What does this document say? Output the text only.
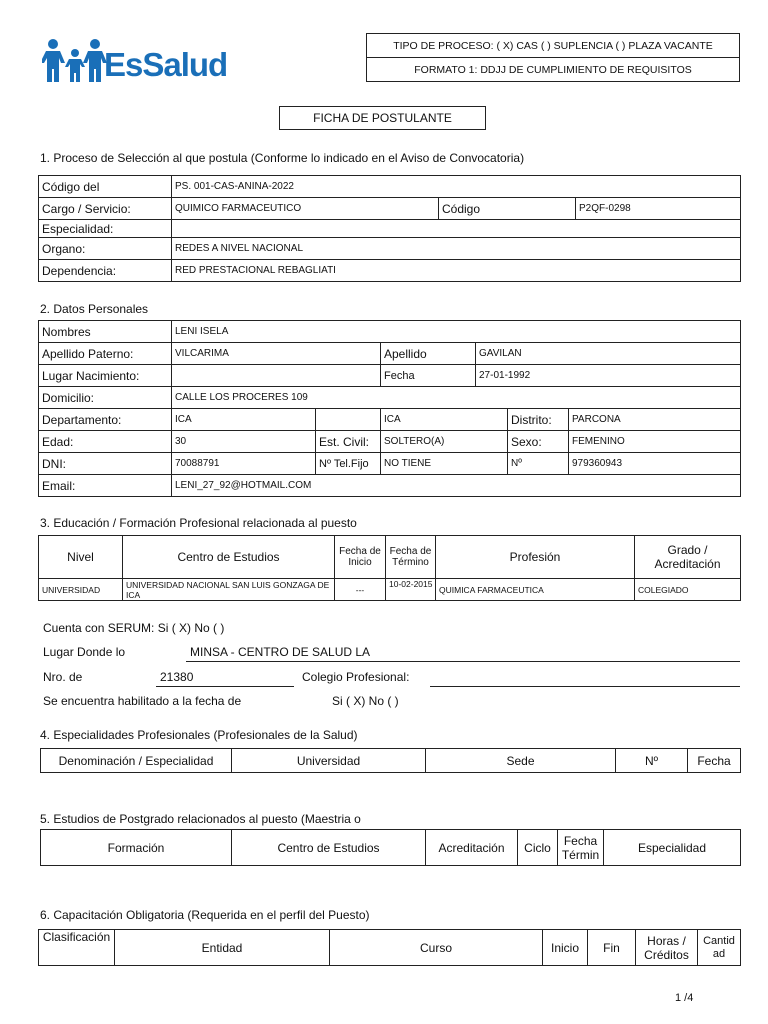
EsSalud
TIPO DE PROCESO: ( X) CAS ( ) SUPLENCIA ( ) PLAZA VACANTE
FORMATO 1: DDJJ DE CUMPLIMIENTO DE REQUISITOS
FICHA DE POSTULANTE
1. Proceso de Selección al que postula (Conforme lo indicado en el Aviso de Convocatoria)
Código del	PS. 001-CAS-ANINA-2022		
Cargo / Servicio:	QUIMICO FARMACEUTICO	Código	P2QF-0298
Especialidad:			
Organo:	REDES A NIVEL NACIONAL		
Dependencia:	RED PRESTACIONAL REBAGLIATI		
2. Datos Personales
Nombres	LENI ISELA					
Apellido Paterno:	VILCARIMA		Apellido	GAVILAN		
Lugar Nacimiento:			Fecha	27-01-1992		
Domicilio:	CALLE LOS PROCERES 109					
Departamento:	ICA		ICA		Distrito:	PARCONA
Edad:	30	Est. Civil:	SOLTERO(A)		Sexo:	FEMENINO
DNI:	70088791	Nº Tel.Fijo	NO TIENE		Nº	979360943
Email:	LENI_27_92@HOTMAIL.COM					
3. Educación / Formación Profesional relacionada al puesto
Nivel	Centro de Estudios	Fecha de Inicio	Fecha de Término	Profesión	Grado / Acreditación
UNIVERSIDAD	UNIVERSIDAD NACIONAL SAN LUIS GONZAGA DE ICA	---	10-02-2015	QUIMICA FARMACEUTICA	COLEGIADO
Cuenta con SERUM: Si ( X) No ( )
Lugar Donde lo	MINSA - CENTRO DE SALUD LA
Nro. de	21380	Colegio Profesional:
Se encuentra habilitado a la fecha de	Si ( X) No ( )
4. Especialidades Profesionales (Profesionales de la Salud)
Denominación / Especialidad	Universidad	Sede	Nº	Fecha
5. Estudios de Postgrado relacionados al puesto (Maestria o
Formación	Centro de Estudios	Acreditación	Ciclo	Fecha Términ	Especialidad
6. Capacitación Obligatoria (Requerida en el perfil del Puesto)
Clasificación	Entidad	Curso	Inicio	Fin	Horas / Créditos	Cantid ad
1 /4
